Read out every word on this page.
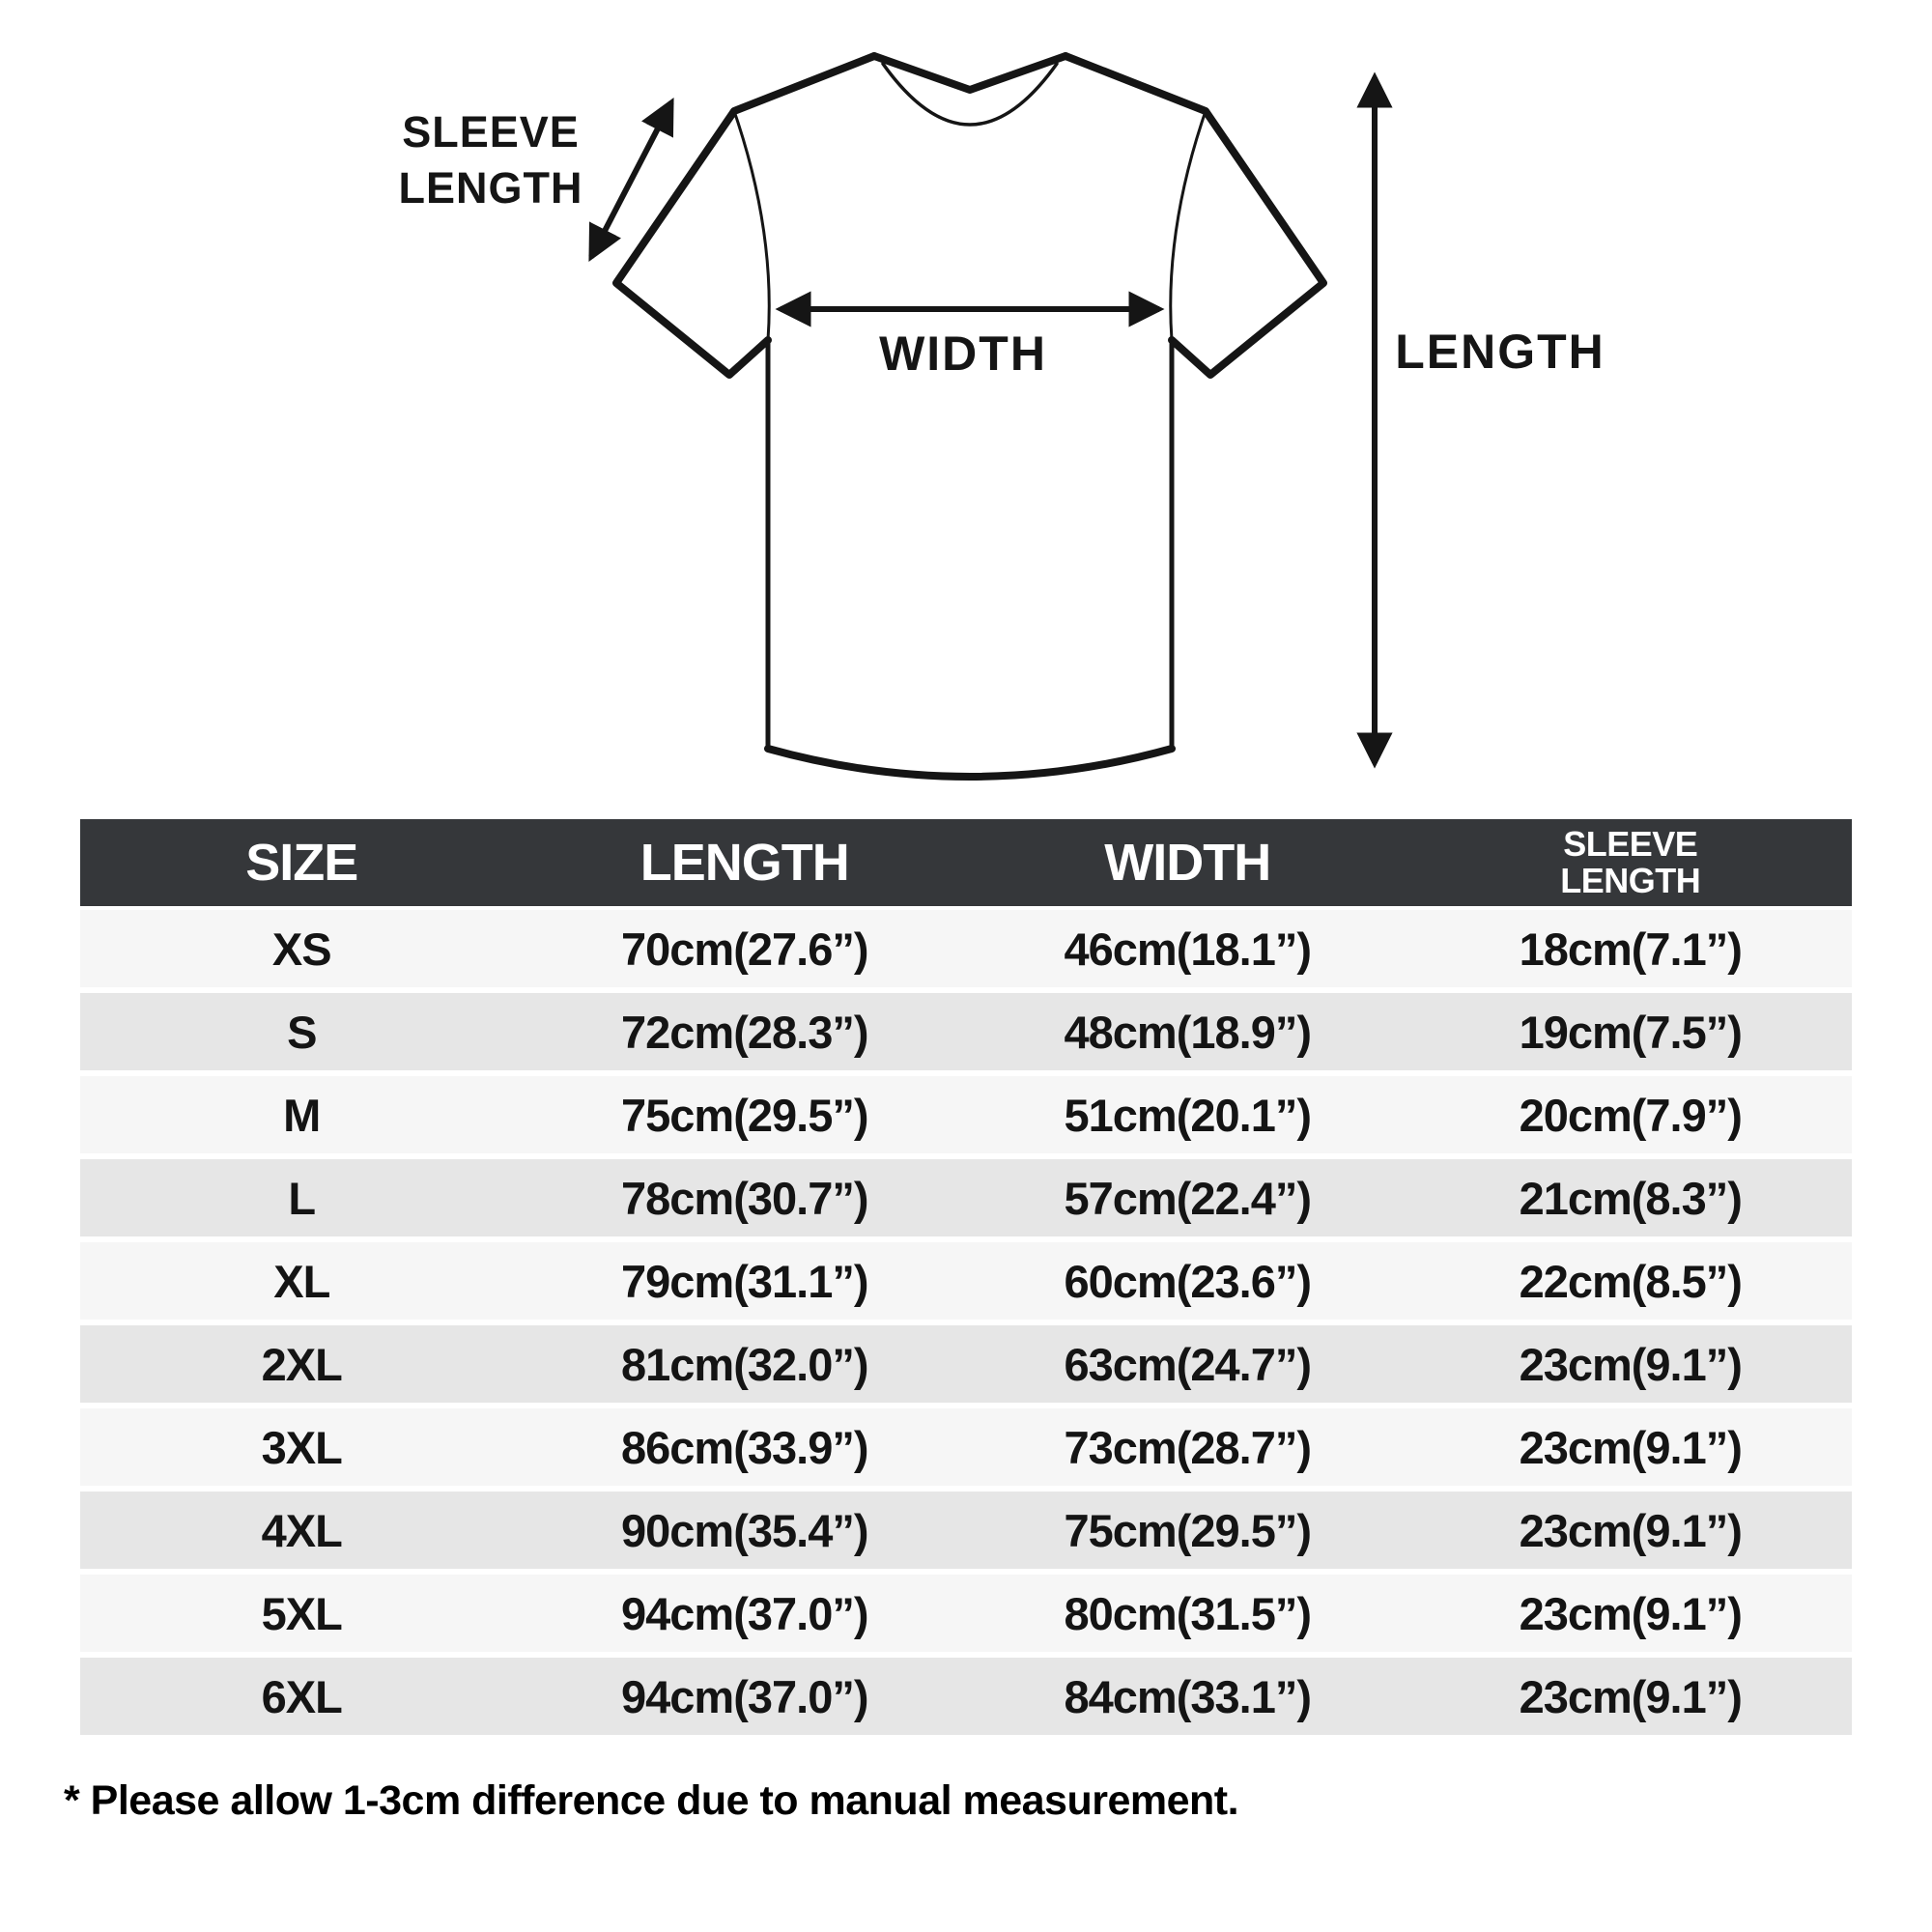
SLEEVE
LENGTH
WIDTH	LENGTH
SIZE	LENGTH	WIDTH	SLEEVE
LENGTH

XS	70cm(27.6”)	46cm(18.1”)	18cm(7.1”)
S	72cm(28.3”)	48cm(18.9”)	19cm(7.5”)
M	75cm(29.5”)	51cm(20.1”)	20cm(7.9”)
L	78cm(30.7”)	57cm(22.4”)	21cm(8.3”)
XL	79cm(31.1”)	60cm(23.6”)	22cm(8.5”)
2XL	81cm(32.0”)	63cm(24.7”)	23cm(9.1”)
3XL	86cm(33.9”)	73cm(28.7”)	23cm(9.1”)
4XL	90cm(35.4”)	75cm(29.5”)	23cm(9.1”)
5XL	94cm(37.0”)	80cm(31.5”)	23cm(9.1”)
6XL	94cm(37.0”)	84cm(33.1”)	23cm(9.1”)

* Please allow 1-3cm difference due to manual measurement.
